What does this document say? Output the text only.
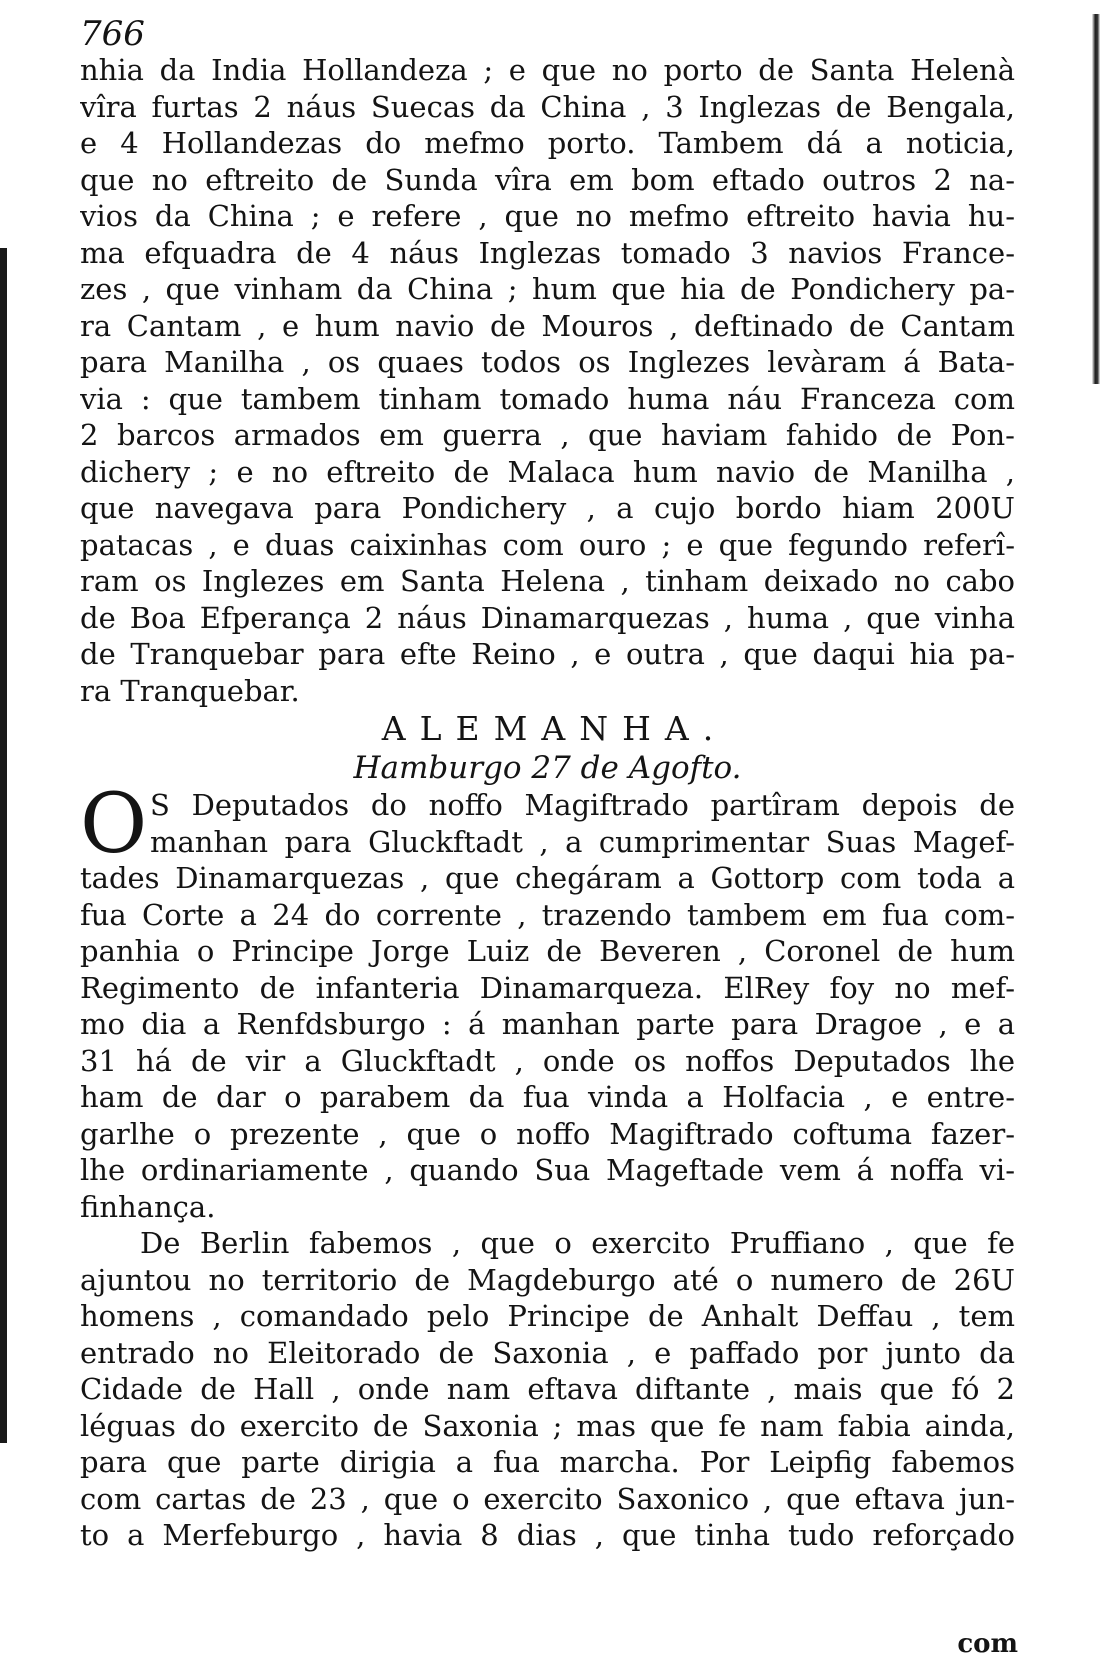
766

nhia da India Hollandeza ; e que no porto de Santa Helenà

vîra furtas 2 náus Suecas da China , 3 Inglezas de Bengala,

e 4 Hollandezas do mefmo porto. Tambem dá a noticia,

que no eftreito de Sunda vîra em bom eftado outros 2 na-

vios da China ; e refere , que no mefmo eftreito havia hu-

ma efquadra de 4 náus Inglezas tomado 3 navios France-

zes , que vinham da China ; hum que hia de Pondichery pa-

ra Cantam , e hum navio de Mouros , deftinado de Cantam

para Manilha , os quaes todos os Inglezes levàram á Bata-

via : que tambem tinham tomado huma náu Franceza com

2 barcos armados em guerra , que haviam fahido de Pon-

dichery ; e no eftreito de Malaca hum navio de Manilha ,

que navegava para Pondichery , a cujo bordo hiam 200U

patacas , e duas caixinhas com ouro ; e que fegundo referî-

ram os Inglezes em Santa Helena , tinham deixado no cabo

de Boa Efperança 2 náus Dinamarquezas , huma , que vinha

de Tranquebar para efte Reino , e outra , que daqui hia pa-

ra Tranquebar.

ALEMANHA.

Hamburgo 27 de Agofto.

O S Deputados do noffo Magiftrado partîram depois de

manhan para Gluckftadt , a cumprimentar Suas Magef-

tades Dinamarquezas , que chegáram a Gottorp com toda a

fua Corte a 24 do corrente , trazendo tambem em fua com-

panhia o Principe Jorge Luiz de Beveren , Coronel de hum

Regimento de infanteria Dinamarqueza. ElRey foy no mef-

mo dia a Renfdsburgo : á manhan parte para Dragoe , e a

31 há de vir a Gluckftadt , onde os noffos Deputados lhe

ham de dar o parabem da fua vinda a Holfacia , e entre-

garlhe o prezente , que o noffo Magiftrado coftuma fazer-

lhe ordinariamente , quando Sua Mageftade vem á noffa vi-

finhança.

De Berlin fabemos , que o exercito Pruffiano , que fe

ajuntou no territorio de Magdeburgo até o numero de 26U

homens , comandado pelo Principe de Anhalt Deffau , tem

entrado no Eleitorado de Saxonia , e paffado por junto da

Cidade de Hall , onde nam eftava diftante , mais que fó 2

léguas do exercito de Saxonia ; mas que fe nam fabia ainda,

para que parte dirigia a fua marcha. Por Leipfig fabemos

com cartas de 23 , que o exercito Saxonico , que eftava jun-

to a Merfeburgo , havia 8 dias , que tinha tudo reforçado

com
